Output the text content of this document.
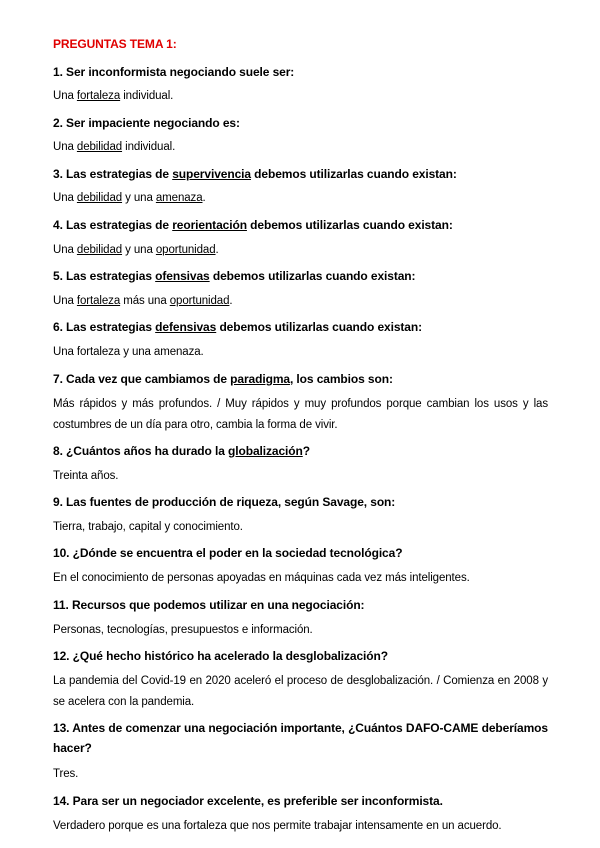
PREGUNTAS TEMA 1:
1. Ser inconformista negociando suele ser:
Una fortaleza individual.
2. Ser impaciente negociando es:
Una debilidad individual.
3. Las estrategias de supervivencia debemos utilizarlas cuando existan:
Una debilidad y una amenaza.
4. Las estrategias de reorientación debemos utilizarlas cuando existan:
Una debilidad y una oportunidad.
5. Las estrategias ofensivas debemos utilizarlas cuando existan:
Una fortaleza más una oportunidad.
6. Las estrategias defensivas debemos utilizarlas cuando existan:
Una fortaleza y una amenaza.
7. Cada vez que cambiamos de paradigma, los cambios son:
Más rápidos y más profundos. / Muy rápidos y muy profundos porque cambian los usos y las costumbres de un día para otro, cambia la forma de vivir.
8. ¿Cuántos años ha durado la globalización?
Treinta años.
9. Las fuentes de producción de riqueza, según Savage, son:
Tierra, trabajo, capital y conocimiento.
10. ¿Dónde se encuentra el poder en la sociedad tecnológica?
En el conocimiento de personas apoyadas en máquinas cada vez más inteligentes.
11. Recursos que podemos utilizar en una negociación:
Personas, tecnologías, presupuestos e información.
12. ¿Qué hecho histórico ha acelerado la desglobalización?
La pandemia del Covid-19 en 2020 aceleró el proceso de desglobalización. / Comienza en 2008 y se acelera con la pandemia.
13. Antes de comenzar una negociación importante, ¿Cuántos DAFO-CAME deberíamos hacer?
Tres.
14. Para ser un negociador excelente, es preferible ser inconformista.
Verdadero porque es una fortaleza que nos permite trabajar intensamente en un acuerdo.
